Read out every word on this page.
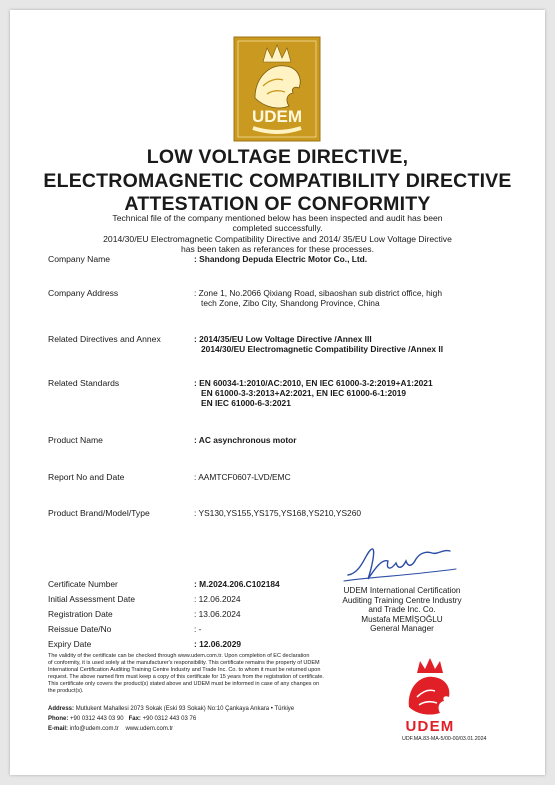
UDEM
LOW VOLTAGE DIRECTIVE,
ELECTROMAGNETIC COMPATIBILITY DIRECTIVE
ATTESTATION OF CONFORMITY
Technical file of the company mentioned below has been inspected and audit has been
completed successfully.
2014/30/EU Electromagnetic Compatibility Directive and 2014/ 35/EU Low Voltage Directive
has been taken as referances for these processes.
Company Name	: Shandong Depuda Electric Motor Co., Ltd.
Company Address	: Zone 1, No.2066 Qixiang Road, sibaoshan sub district office, high
tech Zone, Zibo City, Shandong Province, China
Related Directives and Annex	: 2014/35/EU Low Voltage Directive /Annex III
2014/30/EU Electromagnetic Compatibility Directive /Annex II
Related Standards	: EN 60034-1:2010/AC:2010, EN IEC 61000-3-2:2019+A1:2021
EN 61000-3-3:2013+A2:2021, EN IEC 61000-6-1:2019
EN IEC 61000-6-3:2021
Product Name	: AC asynchronous motor
Report No and Date	: AAMTCF0607-LVD/EMC
Product Brand/Model/Type	: YS130,YS155,YS175,YS168,YS210,YS260
UDEM International Certification
Auditing Training Centre Industry
and Trade Inc. Co.
Mustafa MEMİŞOĞLU
General Manager
Certificate Number	: M.2024.206.C102184
Initial Assessment Date	: 12.06.2024
Registration Date	: 13.06.2024
Reissue Date/No	: -
Expiry Date	: 12.06.2029
The validity of the certificate can be checked through www.udem.com.tr. Upon completion of EC declaration
of conformity, it is used solely at the manufacturer's responsibility. This certificate remains the property of UDEM
International Certification Auditing Training Centre Industry and Trade Inc. Co. to whom it must be returned upon
request. The above named firm must keep a copy of this certificate for 15 years from the registration of certificate.
This certificate only covers the product(s) stated above and UDEM must be informed in case of any changes on
the product(s).
Address: Mutlukent Mahallesi 2073 Sokak (Eski 93 Sokak) No:10 Çankaya Ankara • Türkiye
Phone: +90 0312 443 03 90 Fax: +90 0312 443 03 76
E-mail: info@udem.com.tr www.udem.com.tr	UDEM
UDF.MA.83-MA-5/00-00/03.01.2024
